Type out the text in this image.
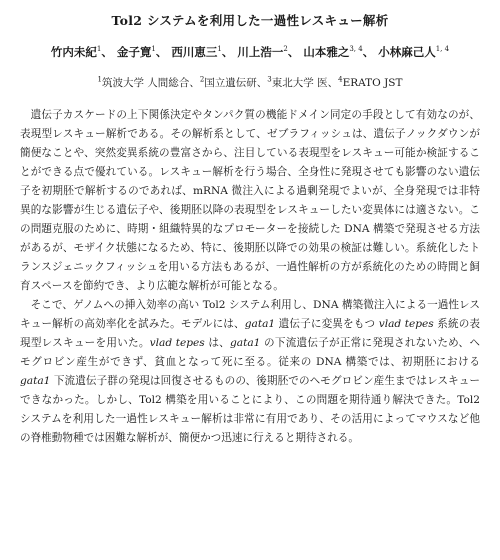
Tol2 システムを利用した一過性レスキュー解析
竹内未紀$^1$、 金子寛$^1$、 西川恵三$^1$、 川上浩一$^2$、 山本雅之$^{3, 4}$、 小林麻己人$^{1, 4}$
$^1$筑波大学 人間総合、$^2$国立遺伝研、$^3$東北大学 医、$^4$ERATO JST

遺伝子カスケードの上下関係決定やタンパク質の機能ドメイン同定の手段として有効なのが、表現型レスキュー解析である。その解析系として、ゼブラフィッシュは、遺伝子ノックダウンが簡便なことや、突然変異系統の豊富さから、注目している表現型をレスキュー可能か検証することができる点で優れている。レスキュー解析を行う場合、全身性に発現させても影響のない遺伝子を初期胚で解析するのであれば、mRNA 微注入による過剰発現でよいが、全身発現では非特異的な影響が生じる遺伝子や、後期胚以降の表現型をレスキューしたい変異体には適さない。この問題克服のために、時期・組織特異的なプロモーターを接続した DNA 構築で発現させる方法があるが、モザイク状態になるため、特に、後期胚以降での効果の検証は難しい。系統化したトランスジェニックフィッシュを用いる方法もあるが、一過性解析の方が系統化のための時間と飼育スペースを節約でき、より広範な解析が可能となる。

そこで、ゲノムへの挿入効率の高い Tol2 システム利用し、DNA 構築微注入による一過性レスキュー解析の高効率化を試みた。モデルには、gata1 遺伝子に変異をもつ vlad tepes 系統の表現型レスキューを用いた。vlad tepes は、gata1 の下流遺伝子が正常に発現されないため、ヘモグロビン産生ができず、貧血となって死に至る。従来の DNA 構築では、初期胚における gata1 下流遺伝子群の発現は回復させるものの、後期胚でのヘモグロビン産生まではレスキューできなかった。しかし、Tol2 構築を用いることにより、この問題を期待通り解決できた。Tol2 システムを利用した一過性レスキュー解析は非常に有用であり、その活用によってマウスなど他の脊椎動物種では困難な解析が、簡便かつ迅速に行えると期待される。
